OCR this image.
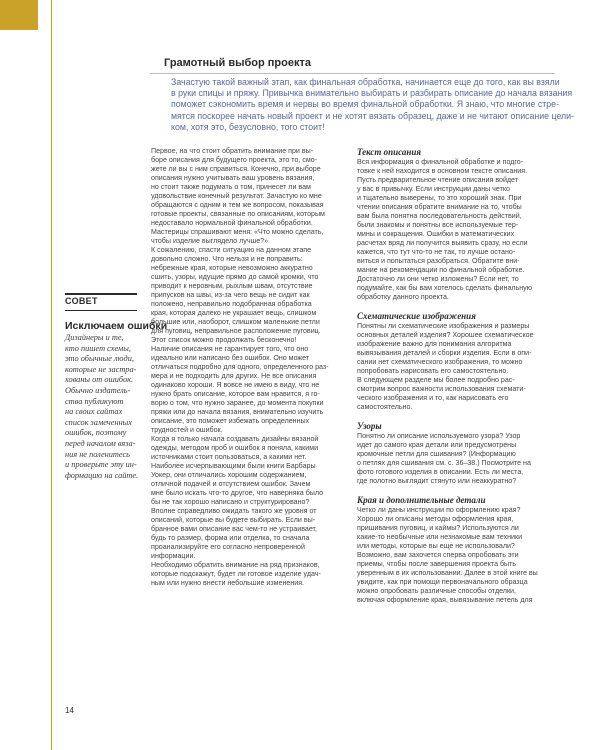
Грамотный выбор проекта

Зачастую такой важный этап, как финальная обработка, начинается еще до того, как вы взяли

в руки спицы и пряжу. Привычка внимательно выбирать и разбирать описание до начала вязания

поможет сэкономить время и нервы во время финальной обработки. Я знаю, что многие стре-

мятся поскорее начать новый проект и не хотят вязать образец, даже и не читают описание цели-

ком, хотя это, безусловно, того стоит!

СОВЕТ
Исключаем ошибки

Дизайнеры и те,

кто пишет схемы,

это обычные люди,

которые не застра-

хованы от ошибок.

Обычно издатель-

ства публикуют

на своих сайтах

список замеченных

ошибок, поэтому

перед началом вяза-

ния не поленитесь

и проверьте эту ин-

формацию на сайте.

Первое, на что стоит обратить внимание при вы-

боре описания для будущего проекта, это то, смо-

жете ли вы с ним справиться. Конечно, при выборе

описания нужно учитывать ваш уровень вязания,

но стоит также подумать о том, принесет ли вам

удовольствие конечный результат. Зачастую ко мне

обращаются с одним и тем же вопросом, показывая

готовые проекты, связанные по описаниям, которым

недоставало нормальной финальной обработки.

Мастерицы спрашивают меня: «Что можно сделать,

чтобы изделие выглядело лучше?»

К сожалению, спасти ситуацию на данном этапе

довольно сложно. Что нельзя и не поправить:

небрежные края, которые невозможно аккуратно

сшить, узоры, идущие прямо до самой кромки, что

приводит к неровным, рыхлым швам, отсутствие

припусков на швы, из-за чего вещь не сидит как

положено, неправильно подобранная обработка

края, которая далеко не украшает вещь, слишком

большие или, наоборот, слишком маленькие петли

для пуговиц, неправильное расположение пуговиц.

Этот список можно продолжать бесконечно!

Наличие описания не гарантирует того, что оно

идеально или написано без ошибок. Оно может

отличаться подробно для одного, определенного раз-

мера и не подходить для других. Не все описания

одинаково хороши. Я вовсе не имею в виду, что не

нужно брать описание, которое вам нравится, я го-

ворю о том, что нужно заранее, до момента покупки

пряжи или до начала вязания, внимательно изучить

описание, это поможет избежать определенных

трудностей и ошибок.

Когда я только начала создавать дизайны вязаной

одежды, методом проб и ошибок я поняла, какими

источниками стоит пользоваться, а какими нет.

Наиболее исчерпывающими были книги Барбары

Уокер, они отличались хорошим содержанием,

отличной подачей и отсутствием ошибок. Зачем

мне было искать что-то другое, что наверняка было

бы не так хорошо написано и структурировано?

Вполне справедливо ожидать такого же уровня от

описаний, которые вы будете выбирать. Если вы-

бранное вами описание вас чем-то не устраивает,

будь то размер, форма или отделка, то сначала

проанализируйте его согласно непроверенной

информации.

Необходимо обратить внимание на ряд признаков,

которые подскажут, будет ли готовое изделие удач-

ным или нужно внести небольшие изменения.

Текст описания

Вся информация о финальной обработке и подго-

товке к ней находится в основном тексте описания.

Пусть предварительное чтение описания войдет

у вас в привычку. Если инструкции даны четко

и тщательно выверены, то это хороший знак. При

чтении описания обратите внимание на то, чтобы

вам была понятна последовательность действий,

были знакомы и понятны все используемые тер-

мины и сокращения. Ошибки в математических

расчетах вряд ли получится выявить сразу, но если

кажется, что тут что-то не так, то лучше остано-

виться и попытаться разобраться. Обратите вни-

мание на рекомендации по финальной обработке.

Достаточно ли они четко изложены? Если нет, то

подумайте, как бы вам хотелось сделать финальную

обработку данного проекта.

Схематические изображения

Понятны ли схематические изображения и размеры

основных деталей изделия? Хорошее схематическое

изображение важно для понимания алгоритма

вывязывания деталей и сборки изделия. Если в опи-

сании нет схематического изображения, то можно

попробовать нарисовать его самостоятельно.

В следующем разделе мы более подробно рас-

смотрим вопрос важности использования схемати-

ческого изображения и то, как нарисовать его

самостоятельно.

Узоры

Понятно ли описание используемого узора? Узор

идет до самого края детали или предусмотрены

кромочные петли для сшивания? (Информацию

о петлях для сшивания см. с. 36–38.) Посмотрите на

фото готового изделия в описании. Есть ли места,

где полотно выглядит стянуто или неаккуратно?

Края и дополнительные детали

Четко ли даны инструкции по оформлению края?

Хорошо ли описаны методы оформления края,

пришивания пуговиц, и каймы? Используются ли

какие-то необычные или незнакомые вам техники

или методы, которые вы еще не использовали?

Возможно, вам захочется сперва опробовать эти

приемы, чтобы после завершения проекта быть

уверенным в их использовании. Далее в этой книге вы

увидите, как при помощи первоначального образца

можно опробовать различные способы отделки,

включая оформление края, вывязывание петель для

14
